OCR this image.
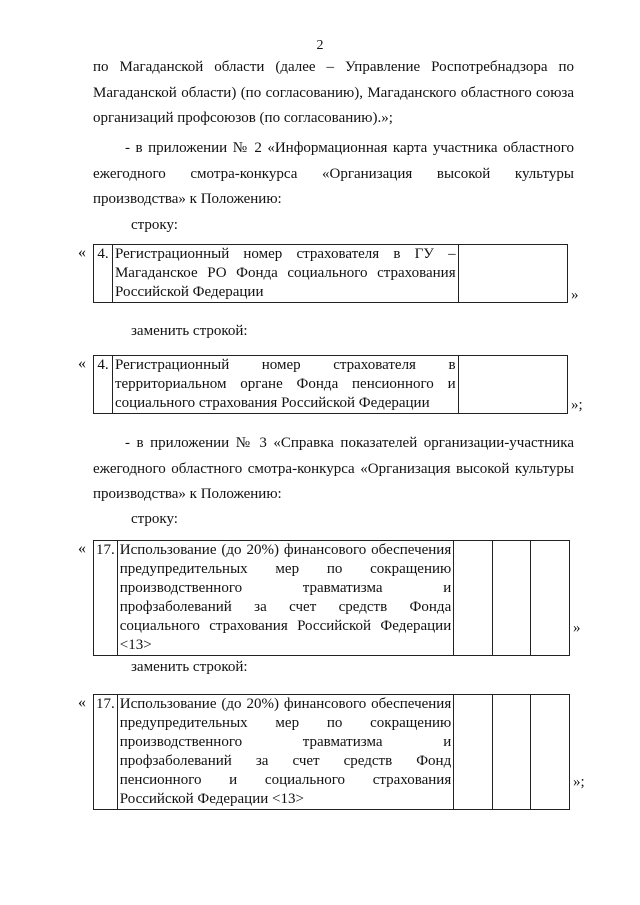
2
по Магаданской области (далее – Управление Роспотребнадзора по Магаданской области) (по согласованию), Магаданского областного союза организаций профсоюзов (по согласованию).»;
- в приложении № 2 «Информационная карта участника областного ежегодного смотра-конкурса «Организация высокой культуры производства» к Положению:
строку:
« 4.	Регистрационный номер страхователя в ГУ – Магаданское РО Фонда социального страхования Российской Федерации		»
заменить строкой:
« 4.	Регистрационный номер страхователя в территориальном органе Фонда пенсионного и социального страхования Российской Федерации		»;
- в приложении № 3 «Справка показателей организации-участника ежегодного областного смотра-конкурса «Организация высокой культуры производства» к Положению:
строку:
« 17.	Использование (до 20%) финансового обеспечения предупредительных мер по сокращению производственного травматизма и профзаболеваний за счет средств Фонда социального страхования Российской Федерации <13>			
»
заменить строкой:
« 17.	Использование (до 20%) финансового обеспечения предупредительных мер по сокращению производственного травматизма и профзаболеваний за счет средств Фонд пенсионного и социального страхования Российской Федерации <13>			
»;
